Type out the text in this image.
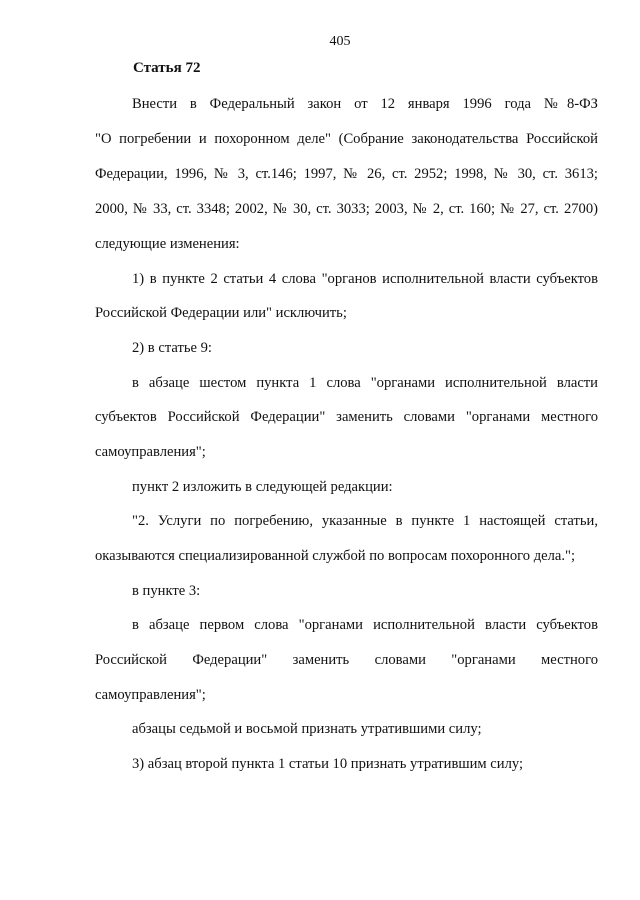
405
Статья 72
Внести в Федеральный закон от 12 января 1996 года №8-ФЗ
"О погребении и похоронном деле" (Собрание законодательства Российской
Федерации, 1996, № 3, ст.146; 1997, № 26, ст. 2952; 1998, № 30, ст. 3613;
2000, № 33, ст. 3348; 2002, № 30, ст. 3033; 2003, № 2, ст. 160; № 27, ст. 2700)
следующие изменения:
1) в пункте 2 статьи 4 слова "органов исполнительной власти субъектов
Российской Федерации или" исключить;
2) в статье 9:
в абзаце шестом пункта 1 слова "органами исполнительной власти
субъектов Российской Федерации" заменить словами "органами местного
самоуправления";
пункт 2 изложить в следующей редакции:
"2. Услуги по погребению, указанные в пункте 1 настоящей статьи,
оказываются специализированной службой по вопросам похоронного дела.";
в пункте 3:
в абзаце первом слова "органами исполнительной власти субъектов
Российской Федерации" заменить словами "органами местного
самоуправления";
абзацы седьмой и восьмой признать утратившими силу;
3) абзац второй пункта 1 статьи 10 признать утратившим силу;
